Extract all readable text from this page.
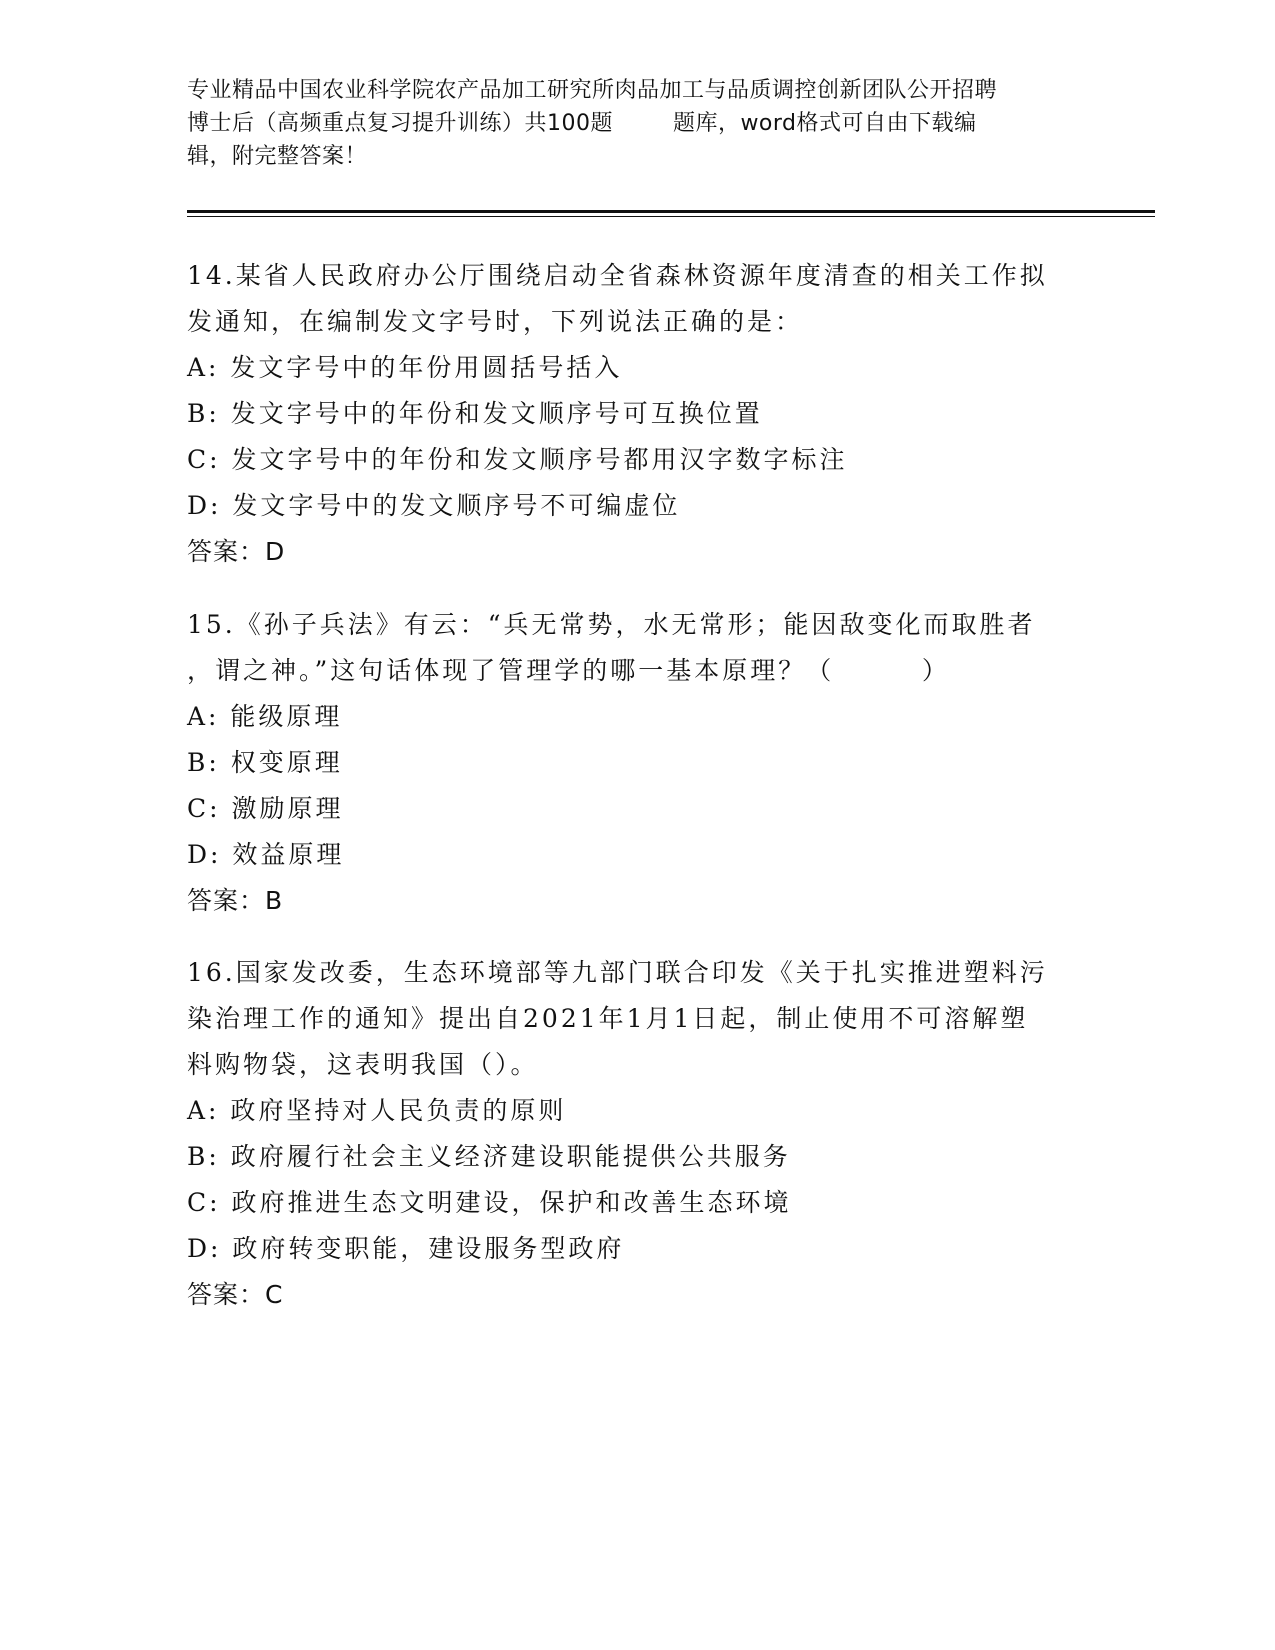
专业精品中国农业科学院农产品加工研究所肉品加工与品质调控创新团队公开招聘
博士后（高频重点复习提升训练）共100题        题库，word格式可自由下载编
辑，附完整答案！
14.某省人民政府办公厅围绕启动全省森林资源年度清查的相关工作拟
发通知，在编制发文字号时，下列说法正确的是：
A: 发文字号中的年份用圆括号括入
B: 发文字号中的年份和发文顺序号可互换位置
C: 发文字号中的年份和发文顺序号都用汉字数字标注
D: 发文字号中的发文顺序号不可编虚位
答案：D
15.《孙子兵法》有云：“兵无常势，水无常形；能因敌变化而取胜者
，谓之神。”这句话体现了管理学的哪一基本原理？（        ）
A: 能级原理
B: 权变原理
C: 激励原理
D: 效益原理
答案：B
16.国家发改委，生态环境部等九部门联合印发《关于扎实推进塑料污
染治理工作的通知》提出自2021年1月1日起，制止使用不可溶解塑
料购物袋，这表明我国（）。
A: 政府坚持对人民负责的原则
B: 政府履行社会主义经济建设职能提供公共服务
C: 政府推进生态文明建设，保护和改善生态环境
D: 政府转变职能，建设服务型政府
答案：C
